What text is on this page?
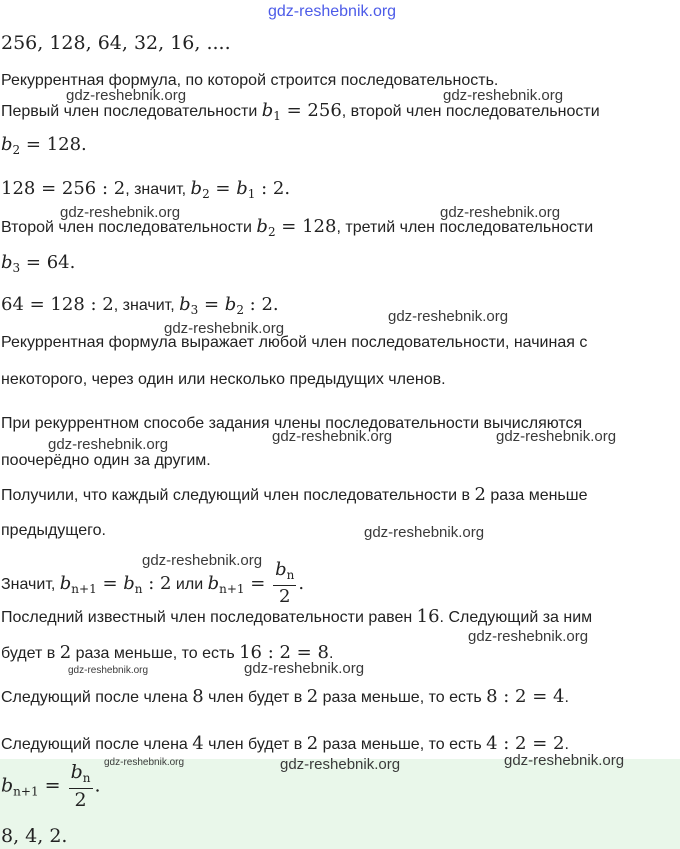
256, 128, 64, 32, 16, ....
Рекуррентная формула, по которой строится последовательность.
Первый член последовательности $b_1 = 256$, второй член последовательности
$b_2 = 128$.
128 = 256 : 2, значит, $b_2 = b_1$ : 2.
Второй член последовательности $b_2 = 128$, третий член последовательности
$b_3 = 64$.
64 = 128 : 2, значит, $b_3 = b_2$ : 2.
Рекуррентная формула выражает любой член последовательности, начиная с
некоторого, через один или несколько предыдущих членов.
При рекуррентном способе задания члены последовательности вычисляются
поочерёдно один за другим.
Получили, что каждый следующий член последовательности в 2 раза меньше
предыдущего.
Значит, $b_{n+1} = b_n$ : 2 или $b_{n+1} = \frac{b_n}{2}$ .
Последний известный член последовательности равен 16. Следующий за ним
будет в 2 раза меньше, то есть 16 : 2 = 8.
Следующий после члена 8 член будет в 2 раза меньше, то есть 8 : 2 = 4.
Следующий после члена 4 член будет в 2 раза меньше, то есть 4 : 2 = 2.
$b_{n+1} = \frac{b_n}{2}$ .
8, 4, 2.
gdz-reshebnik.org
gdz-reshebnik.org	gdz-reshebnik.org
gdz-reshebnik.org	gdz-reshebnik.org
gdz-reshebnik.org
gdz-reshebnik.org
gdz-reshebnik.org	gdz-reshebnik.org	gdz-reshebnik.org
gdz-reshebnik.org
gdz-reshebnik.org
gdz-reshebnik.org
gdz-reshebnik.org	gdz-reshebnik.org
gdz-reshebnik.org	gdz-reshebnik.org	gdz-reshebnik.org
